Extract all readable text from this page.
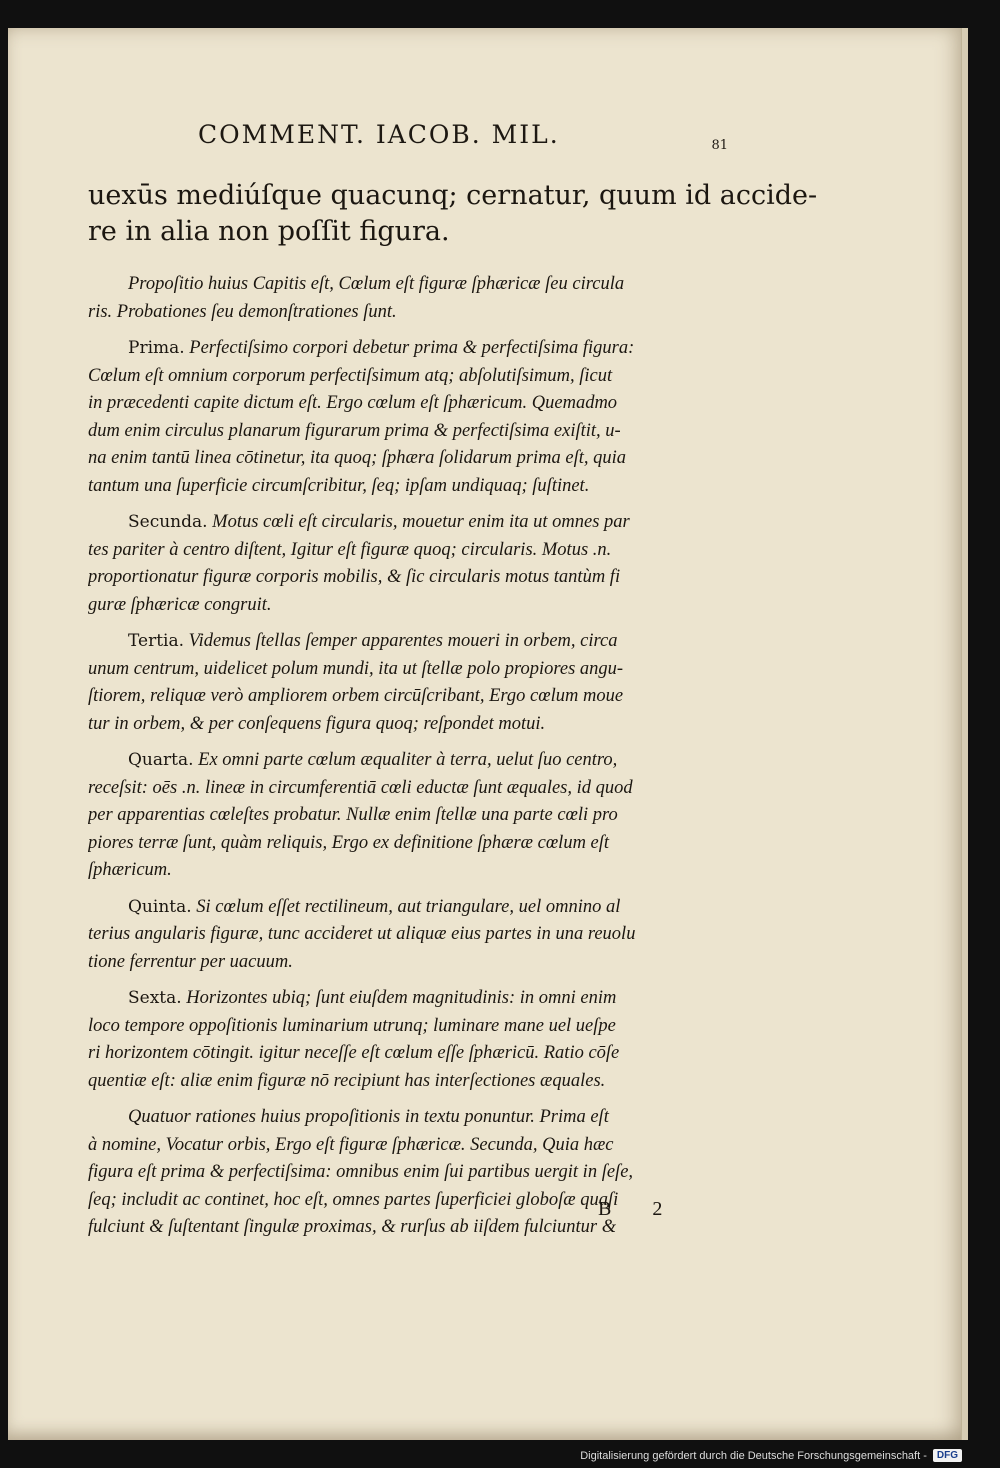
COMMENT. IACOB. MIL.	81
uexūs mediúſque quacunq; cernatur, quum id accide-
re in alia non poſſit figura.
Propoſitio huius Capitis eſt, Cœlum eſt figuræ ſphæricæ ſeu circula
ris. Probationes ſeu demonſtrationes ſunt.
Prima. Perfectiſsimo corpori debetur prima & perfectiſsima figura:
Cœlum eſt omnium corporum perfectiſsimum atq; abſolutiſsimum, ſicut
in præcedenti capite dictum eſt. Ergo cœlum eſt ſphæricum. Quemadmo
dum enim circulus planarum figurarum prima & perfectiſsima exiſtit, u-
na enim tantū linea cōtinetur, ita quoq; ſphæra ſolidarum prima eſt, quia
tantum una ſuperficie circumſcribitur, ſeq; ipſam undiquaq; ſuſtinet.
Secunda. Motus cœli eſt circularis, mouetur enim ita ut omnes par
tes pariter à centro diſtent, Igitur eſt figuræ quoq; circularis. Motus .n.
proportionatur figuræ corporis mobilis, & ſic circularis motus tantùm fi
guræ ſphæricæ congruit.
Tertia. Videmus ſtellas ſemper apparentes moueri in orbem, circa
unum centrum, uidelicet polum mundi, ita ut ſtellæ polo propiores angu-
ſtiorem, reliquæ verò ampliorem orbem circūſcribant, Ergo cœlum moue
tur in orbem, & per conſequens figura quoq; reſpondet motui.
Quarta. Ex omni parte cœlum æqualiter à terra, uelut ſuo centro,
receſsit: oēs .n. lineæ in circumferentiā cœli eductæ ſunt æquales, id quod
per apparentias cœleſtes probatur. Nullæ enim ſtellæ una parte cœli pro
piores terræ ſunt, quàm reliquis, Ergo ex definitione ſphæræ cœlum eſt
ſphæricum.
Quinta. Si cœlum eſſet rectilineum, aut triangulare, uel omnino al
terius angularis figuræ, tunc accideret ut aliquæ eius partes in una reuolu
tione ferrentur per uacuum.
Sexta. Horizontes ubiq; ſunt eiuſdem magnitudinis: in omni enim
loco tempore oppoſitionis luminarium utrunq; luminare mane uel ueſpe
ri horizontem cōtingit. igitur neceſſe eſt cœlum eſſe ſphæricū. Ratio cōſe
quentiæ eſt: aliæ enim figuræ nō recipiunt has interſectiones æquales.
Quatuor rationes huius propoſitionis in textu ponuntur. Prima eſt
à nomine, Vocatur orbis, Ergo eſt figuræ ſphæricæ. Secunda, Quia hæc
figura eſt prima & perfectiſsima: omnibus enim ſui partibus uergit in ſeſe,
ſeq; includit ac continet, hoc eſt, omnes partes ſuperficiei globoſæ quaſi
fulciunt & ſuſtentant ſingulæ proximas, & rurſus ab iiſdem fulciuntur &
B 2
Digitalisierung gefördert durch die Deutsche Forschungsgemeinschaft -	DFG
